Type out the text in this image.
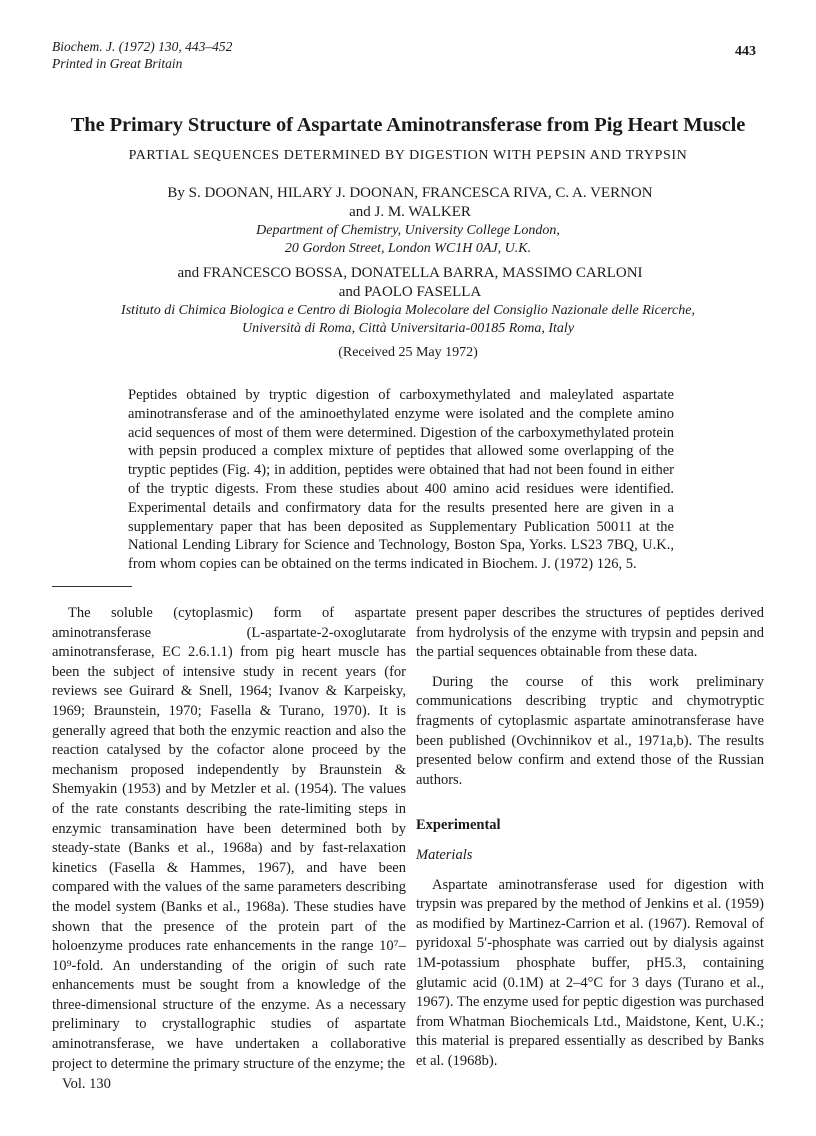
Biochem. J. (1972) 130, 443–452
Printed in Great Britain
443
The Primary Structure of Aspartate Aminotransferase from Pig Heart Muscle
PARTIAL SEQUENCES DETERMINED BY DIGESTION WITH PEPSIN AND TRYPSIN
By S. DOONAN, HILARY J. DOONAN, FRANCESCA RIVA, C. A. VERNON
and J. M. WALKER
Department of Chemistry, University College London,
20 Gordon Street, London WC1H 0AJ, U.K.
and FRANCESCO BOSSA, DONATELLA BARRA, MASSIMO CARLONI
and PAOLO FASELLA
Istituto di Chimica Biologica e Centro di Biologia Molecolare del Consiglio Nazionale delle Ricerche,
Università di Roma, Città Universitaria-00185 Roma, Italy
(Received 25 May 1972)
Peptides obtained by tryptic digestion of carboxymethylated and maleylated aspartate aminotransferase and of the aminoethylated enzyme were isolated and the complete amino acid sequences of most of them were determined. Digestion of the carboxymethylated protein with pepsin produced a complex mixture of peptides that allowed some overlapping of the tryptic peptides (Fig. 4); in addition, peptides were obtained that had not been found in either of the tryptic digests. From these studies about 400 amino acid residues were identified. Experimental details and confirmatory data for the results presented here are given in a supplementary paper that has been deposited as Supplementary Publication 50011 at the National Lending Library for Science and Technology, Boston Spa, Yorks. LS23 7BQ, U.K., from whom copies can be obtained on the terms indicated in Biochem. J. (1972) 126, 5.

The soluble (cytoplasmic) form of aspartate aminotransferase (L-aspartate-2-oxoglutarate aminotransferase, EC 2.6.1.1) from pig heart muscle has been the subject of intensive study in recent years (for reviews see Guirard & Snell, 1964; Ivanov & Karpeisky, 1969; Braunstein, 1970; Fasella & Turano, 1970). It is generally agreed that both the enzymic reaction and also the reaction catalysed by the cofactor alone proceed by the mechanism proposed independently by Braunstein & Shemyakin (1953) and by Metzler et al. (1954). The values of the rate constants describing the rate-limiting steps in enzymic transamination have been determined both by steady-state (Banks et al., 1968a) and by fast-relaxation kinetics (Fasella & Hammes, 1967), and have been compared with the values of the same parameters describing the model system (Banks et al., 1968a). These studies have shown that the presence of the protein part of the holoenzyme produces rate enhancements in the range 10⁷–10⁹-fold. An understanding of the origin of such rate enhancements must be sought from a knowledge of the three-dimensional structure of the enzyme. As a necessary preliminary to crystallographic studies of aspartate aminotransferase, we have undertaken a collaborative project to determine the primary structure of the enzyme; the

present paper describes the structures of peptides derived from hydrolysis of the enzyme with trypsin and pepsin and the partial sequences obtainable from these data.

During the course of this work preliminary communications describing tryptic and chymotryptic fragments of cytoplasmic aspartate aminotransferase have been published (Ovchinnikov et al., 1971a,b). The results presented below confirm and extend those of the Russian authors.

Experimental

Materials

Aspartate aminotransferase used for digestion with trypsin was prepared by the method of Jenkins et al. (1959) as modified by Martinez-Carrion et al. (1967). Removal of pyridoxal 5′-phosphate was carried out by dialysis against 1M-potassium phosphate buffer, pH5.3, containing glutamic acid (0.1M) at 2–4°C for 3 days (Turano et al., 1967). The enzyme used for peptic digestion was purchased from Whatman Biochemicals Ltd., Maidstone, Kent, U.K.; this material is prepared essentially as described by Banks et al. (1968b).

Vol. 130
